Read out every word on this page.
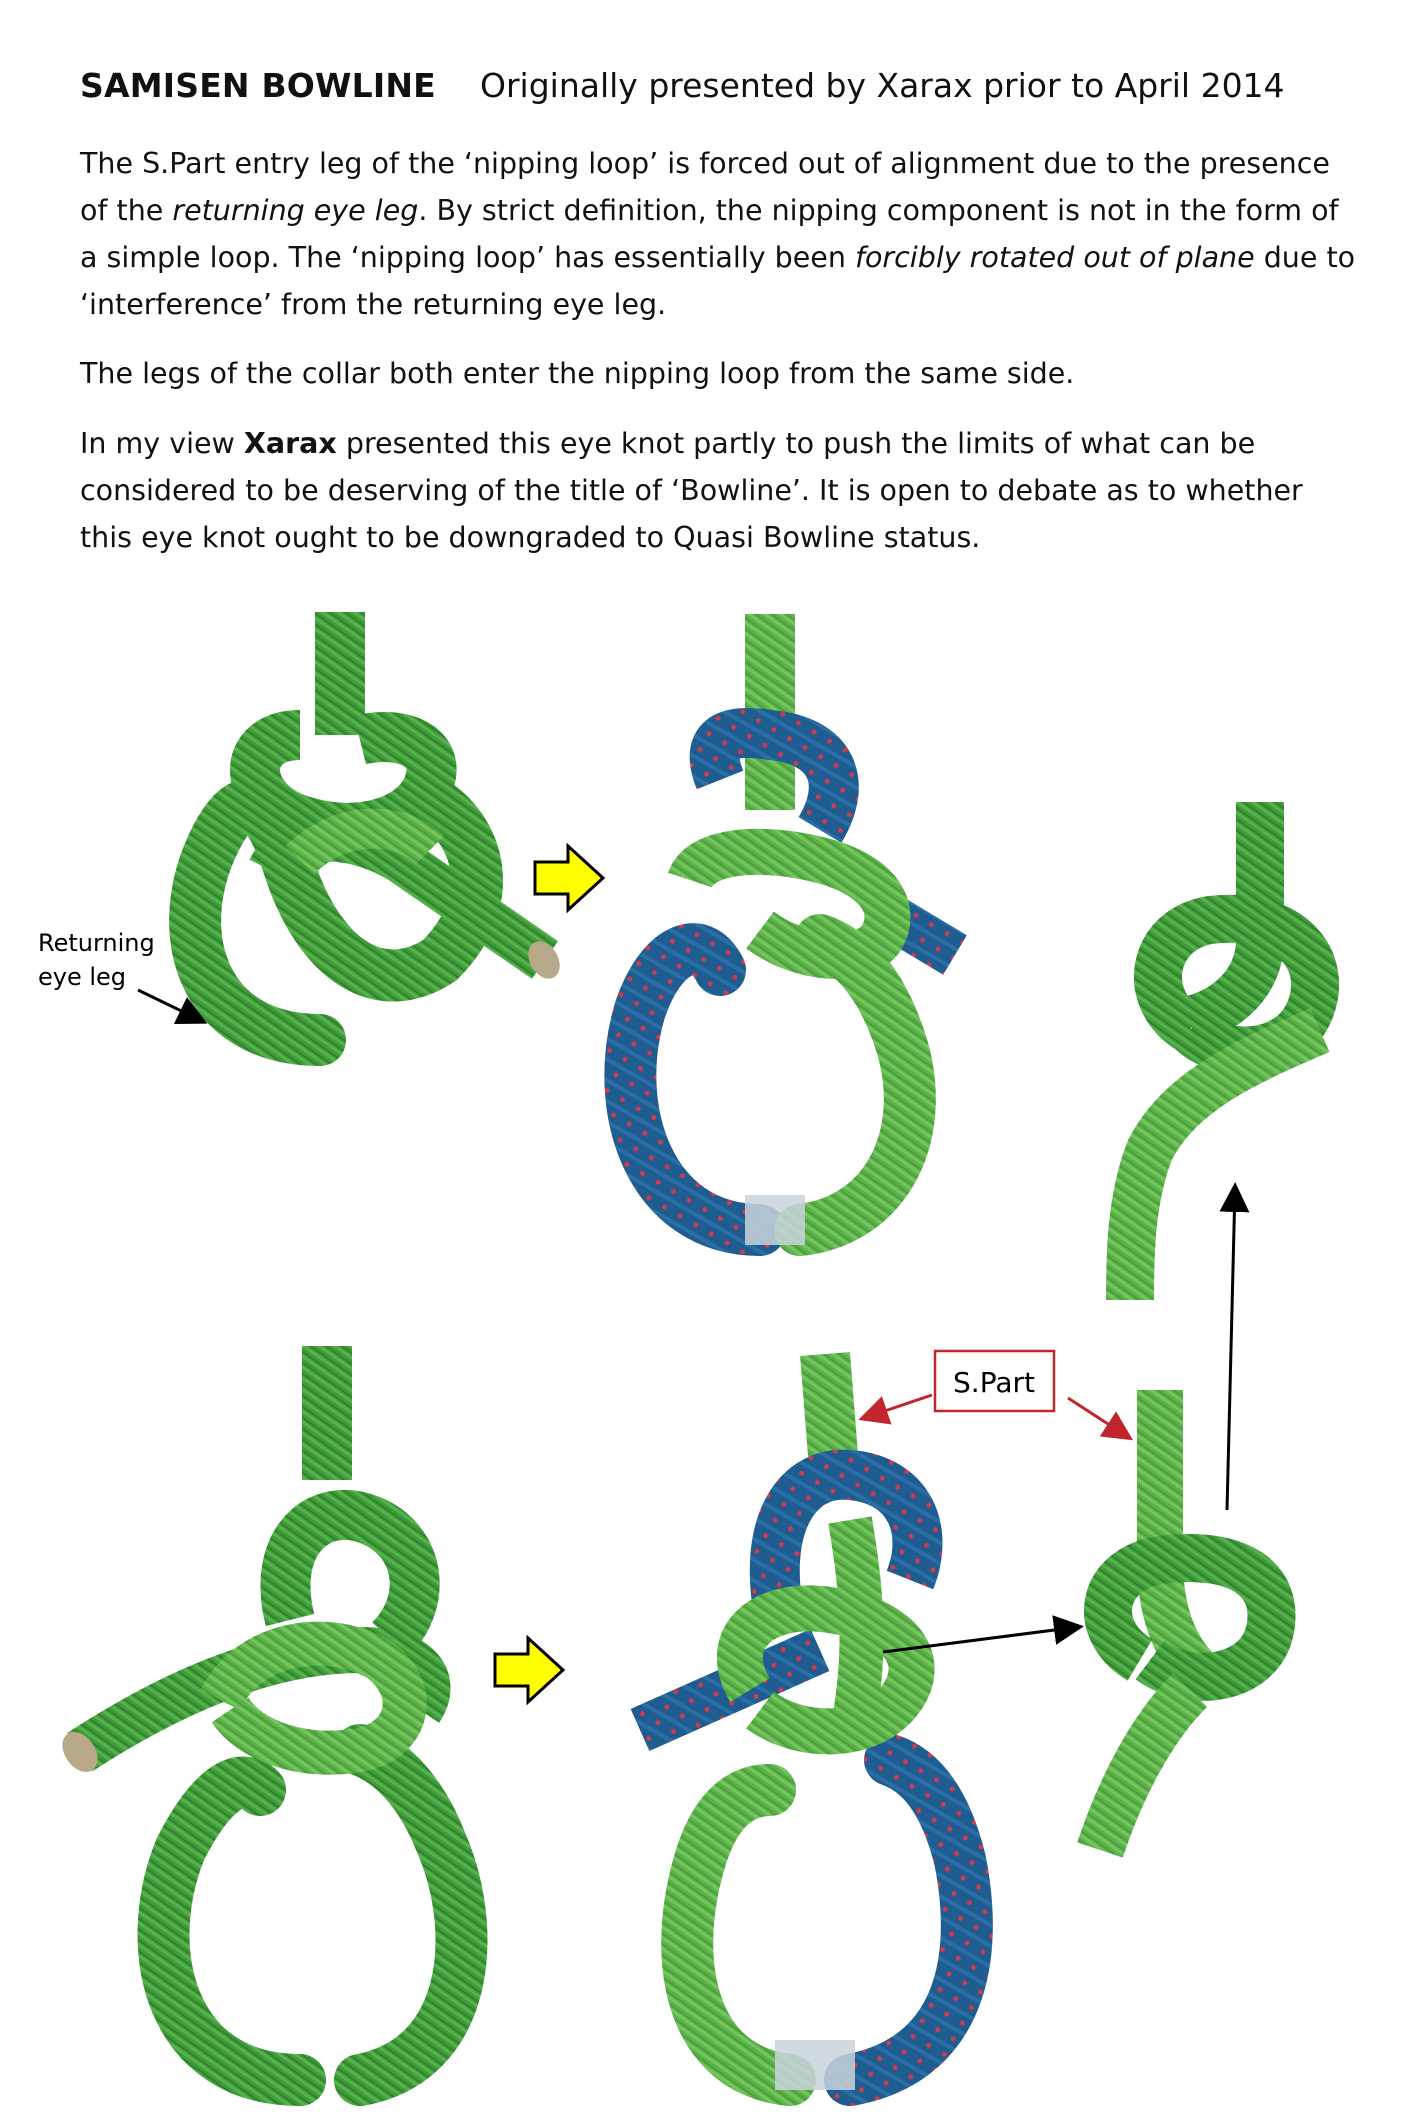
SAMISEN BOWLINE Originally presented by Xarax prior to April 2014

The S.Part entry leg of the ‘nipping loop’ is forced out of alignment due to the presence of the returning eye leg. By strict definition, the nipping component is not in the form of a simple loop. The ‘nipping loop’ has essentially been forcibly rotated out of plane due to ‘interference’ from the returning eye leg.

The legs of the collar both enter the nipping loop from the same side.

In my view Xarax presented this eye knot partly to push the limits of what can be considered to be deserving of the title of ‘Bowline’. It is open to debate as to whether this eye knot ought to be downgraded to Quasi Bowline status.

Returning
eye leg
S.Part
